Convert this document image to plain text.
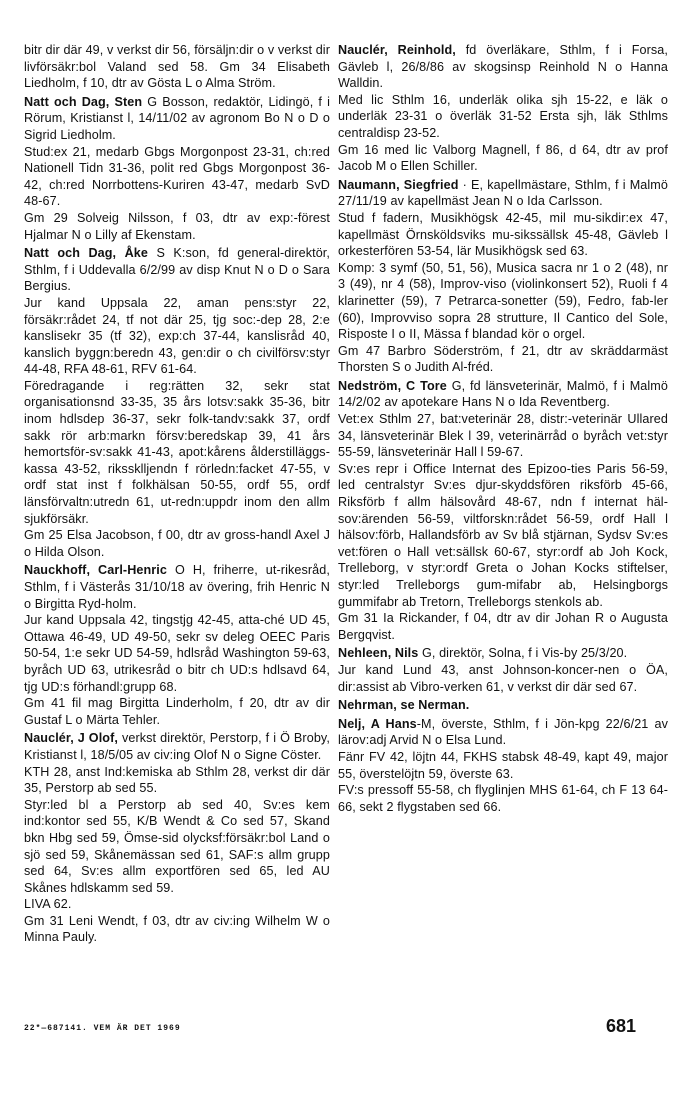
bitr dir där 49, v verkst dir 56, försäljn:dir o v verkst dir livförsäkr:bol Valand sed 58. Gm 34 Elisabeth Liedholm, f 10, dtr av Gösta L o Alma Ström.

Natt och Dag, Sten G Bosson, redaktör, Lidingö, f i Rörum, Kristianst l, 14/11/02 av agronom Bo N o D o Sigrid Liedholm.

Stud:ex 21, medarb Gbgs Morgonpost 23-31, ch:red Nationell Tidn 31-36, polit red Gbgs Morgonpost 36-42, ch:red Norrbottens-Kuriren 43-47, medarb SvD 48-67.

Gm 29 Solveig Nilsson, f 03, dtr av exp:-förest Hjalmar N o Lilly af Ekenstam.

Natt och Dag, Åke S K:son, fd general-direktör, Sthlm, f i Uddevalla 6/2/99 av disp Knut N o D o Sara Bergius.

Jur kand Uppsala 22, aman pens:styr 22, försäkr:rådet 24, tf not där 25, tjg soc:-dep 28, 2:e kanslisekr 35 (tf 32), exp:ch 37-44, kanslisråd 40, kanslich byggn:beredn 43, gen:dir o ch civilförsv:styr 44-48, RFA 48-61, RFV 61-64.

Föredragande i reg:rätten 32, sekr stat organisationsnd 33-35, 35 års lotsv:sakk 35-36, bitr inom hdlsdep 36-37, sekr folk-tandv:sakk 37, ordf sakk rör arb:markn försv:beredskap 39, 41 års hemortsför-sv:sakk 41-43, apot:kårens ålderstilläggs-kassa 43-52, rikssklljendn f rörledn:facket 47-55, v ordf stat inst f folkhälsan 50-55, ordf 55, ordf länsförvaltn:utredn 61, ut-redn:uppdr inom den allm sjukförsäkr.

Gm 25 Elsa Jacobson, f 00, dtr av gross-handl Axel J o Hilda Olson.

Nauckhoff, Carl-Henric O H, friherre, ut-rikesråd, Sthlm, f i Västerås 31/10/18 av övering, frih Henric N o Birgitta Ryd-holm.

Jur kand Uppsala 42, tingstjg 42-45, atta-ché UD 45, Ottawa 46-49, UD 49-50, sekr sv deleg OEEC Paris 50-54, 1:e sekr UD 54-59, hdlsråd Washington 59-63, byråch UD 63, utrikesråd o bitr ch UD:s hdlsavd 64, tjg UD:s förhandl:grupp 68.

Gm 41 fil mag Birgitta Linderholm, f 20, dtr av dir Gustaf L o Märta Tehler.

Nauclér, J Olof, verkst direktör, Perstorp, f i Ö Broby, Kristianst l, 18/5/05 av civ:ing Olof N o Signe Cöster.

KTH 28, anst Ind:kemiska ab Sthlm 28, verkst dir där 35, Perstorp ab sed 55.

Styr:led bl a Perstorp ab sed 40, Sv:es kem ind:kontor sed 55, K/B Wendt & Co sed 57, Skand bkn Hbg sed 59, Ömse-sid olycksf:försäkr:bol Land o sjö sed 59, Skånemässan sed 61, SAF:s allm grupp sed 64, Sv:es allm exportfören sed 65, led AU Skånes hdlskamm sed 59.

LIVA 62.

Gm 31 Leni Wendt, f 03, dtr av civ:ing Wilhelm W o Minna Pauly.

Nauclér, Reinhold, fd överläkare, Sthlm, f i Forsa, Gävleb l, 26/8/86 av skogsinsp Reinhold N o Hanna Walldin.

Med lic Sthlm 16, underläk olika sjh 15-22, e läk o underläk 23-31 o överläk 31-52 Ersta sjh, läk Sthlms centraldisp 23-52.

Gm 16 med lic Valborg Magnell, f 86, d 64, dtr av prof Jacob M o Ellen Schiller.

Naumann, Siegfried · E, kapellmästare, Sthlm, f i Malmö 27/11/19 av kapellmäst Jean N o Ida Carlsson.

Stud f fadern, Musikhögsk 42-45, mil mu-sikdir:ex 47, kapellmäst Örnsköldsviks mu-sikssällsk 45-48, Gävleb l orkesterfören 53-54, lär Musikhögsk sed 63.

Komp: 3 symf (50, 51, 56), Musica sacra nr 1 o 2 (48), nr 3 (49), nr 4 (58), Improv-viso (violinkonsert 52), Ruoli f 4 klarinetter (59), 7 Petrarca-sonetter (59), Fedro, fab-ler (60), Improvviso sopra 28 strutture, Il Cantico del Sole, Risposte I o II, Mässa f blandad kör o orgel.

Gm 47 Barbro Söderström, f 21, dtr av skräddarmäst Thorsten S o Judith Al-fréd.

Nedström, C Tore G, fd länsveterinär, Malmö, f i Malmö 14/2/02 av apotekare Hans N o Ida Reventberg.

Vet:ex Sthlm 27, bat:veterinär 28, distr:-veterinär Ullared 34, länsveterinär Blek l 39, veterinärråd o byråch vet:styr 55-59, länsveterinär Hall l 59-67.

Sv:es repr i Office Internat des Epizoo-ties Paris 56-59, led centralstyr Sv:es djur-skyddsfören riksförb 45-66, Riksförb f allm hälsovård 48-67, ndn f internat häl-sov:ärenden 56-59, viltforskn:rådet 56-59, ordf Hall l hälsov:förb, Hallandsförb av Sv blå stjärnan, Sydsv Sv:es vet:fören o Hall vet:sällsk 60-67, styr:ordf ab Joh Kock, Trelleborg, v styr:ordf Greta o Johan Kocks stiftelser, styr:led Trelleborgs gum-mifabr ab, Helsingborgs gummifabr ab Tretorn, Trelleborgs stenkols ab.

Gm 31 Ia Rickander, f 04, dtr av dir Johan R o Augusta Bergqvist.

Nehleen, Nils G, direktör, Solna, f i Vis-by 25/3/20.

Jur kand Lund 43, anst Johnson-koncer-nen o ÖA, dir:assist ab Vibro-verken 61, v verkst dir där sed 67.

Nehrman, se Nerman.

Nelj, A Hans-M, överste, Sthlm, f i Jön-kpg 22/6/21 av lärov:adj Arvid N o Elsa Lund.

Fänr FV 42, löjtn 44, FKHS stabsk 48-49, kapt 49, major 55, överstelöjtn 59, överste 63.

FV:s pressoff 55-58, ch flyglinjen MHS 61-64, ch F 13 64-66, sekt 2 flygstaben sed 66.

22*—687141. VEM ÄR DET 1969	681
